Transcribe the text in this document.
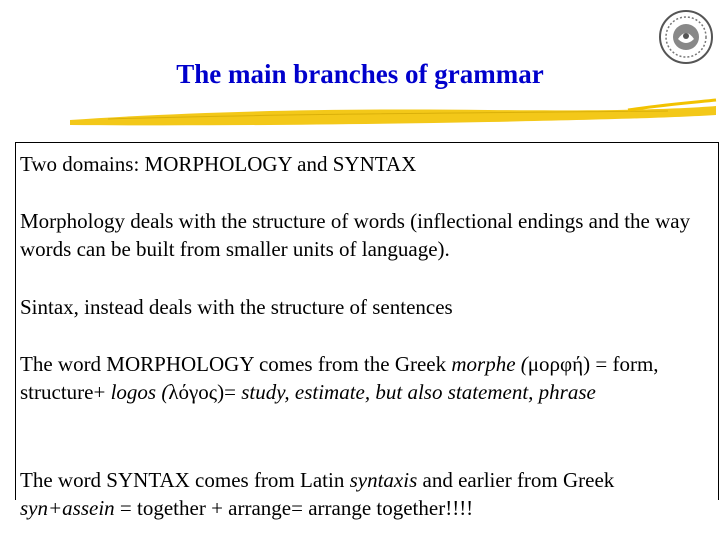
The main branches of grammar

Two domains: MORPHOLOGY and SYNTAX

Morphology deals with the structure of words (inflectional endings and the way words can be built from smaller units of language).

Sintax, instead deals with the structure of sentences

The word MORPHOLOGY comes from the Greek morphe (μορφή) = form, structure+ logos (λόγος)= study, estimate, but also statement, phrase

The word SYNTAX comes from Latin syntaxis and earlier from Greek syn+assein = together + arrange= arrange together!!!!
